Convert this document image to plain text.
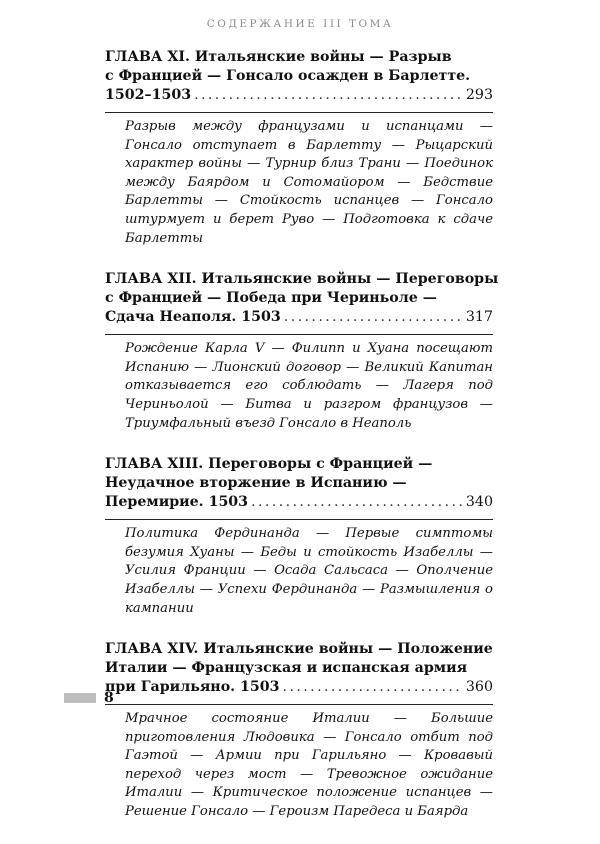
СОДЕРЖАНИЕ III ТОМА
ГЛАВА XI. Итальянские войны — Разрыв
с Францией — Гонсало осажден в Барлетте.
1502–1503 .....	293
Разрыв между французами и испанцами — Гонсало отступает в Барлетту — Рыцарский характер войны — Турнир близ Трани — Поединок между Баярдом и Сотомайором — Бедствие Барлетты — Стойкость испанцев — Гонсало штурмует и берет Руво — Подготовка к сдаче Барлетты
ГЛАВА XII. Итальянские войны — Переговоры
с Францией — Победа при Чериньоле —
Сдача Неаполя. 1503 .....	317
Рождение Карла V — Филипп и Хуана посещают Испанию — Лионский договор — Великий Капитан отказывается его соблюдать — Лагеря под Чериньолой — Битва и разгром французов — Триумфальный въезд Гонсало в Неаполь
ГЛАВА XIII. Переговоры с Францией —
Неудачное вторжение в Испанию —
Перемирие. 1503 .....	340
Политика Фердинанда — Первые симптомы безумия Хуаны — Беды и стойкость Изабеллы — Усилия Франции — Осада Сальсаса — Ополчение Изабеллы — Успехи Фердинанда — Размышления о кампании
ГЛАВА XIV. Итальянские войны — Положение
Италии — Французская и испанская армия
при Гарильяно. 1503 .....	360
Мрачное состояние Италии — Большие приготовления Людовика — Гонсало отбит под Гаэтой — Армии при Гарильяно — Кровавый переход через мост — Тревожное ожидание Италии — Критическое положение испанцев — Решение Гонсало — Героизм Паредеса и Баярда
8
